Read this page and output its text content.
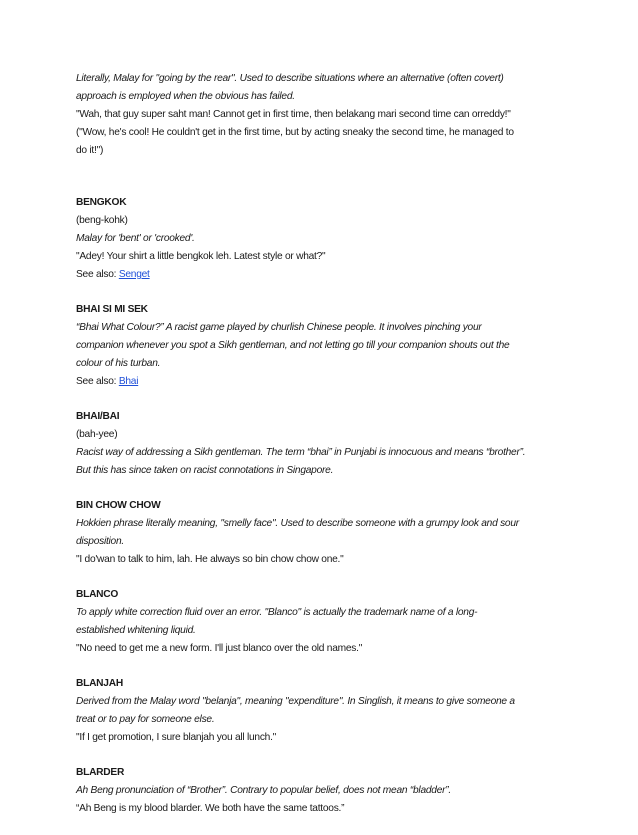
Literally, Malay for "going by the rear". Used to describe situations where an alternative (often covert)
approach is employed when the obvious has failed.
"Wah, that guy super saht man! Cannot get in first time, then belakang mari second time can orreddy!"
("Wow, he's cool! He couldn't get in the first time, but by acting sneaky the second time, he managed to
do it!")
BENGKOK
(beng-kohk)
Malay for 'bent' or 'crooked'.
"Adey! Your shirt a little bengkok leh. Latest style or what?"
See also: Senget
BHAI SI MI SEK
“Bhai What Colour?” A racist game played by churlish Chinese people. It involves pinching your
companion whenever you spot a Sikh gentleman, and not letting go till your companion shouts out the
colour of his turban.
See also: Bhai
BHAI/BAI
(bah-yee)
Racist way of addressing a Sikh gentleman. The term “bhai” in Punjabi is innocuous and means “brother”.
But this has since taken on racist connotations in Singapore.
BIN CHOW CHOW
Hokkien phrase literally meaning, "smelly face". Used to describe someone with a grumpy look and sour
disposition.
"I do'wan to talk to him, lah. He always so bin chow chow one."
BLANCO
To apply white correction fluid over an error. "Blanco" is actually the trademark name of a long-
established whitening liquid.
"No need to get me a new form. I'll just blanco over the old names."
BLANJAH
Derived from the Malay word "belanja", meaning "expenditure". In Singlish, it means to give someone a
treat or to pay for someone else.
"If I get promotion, I sure blanjah you all lunch."
BLARDER
Ah Beng pronunciation of “Brother”. Contrary to popular belief, does not mean “bladder”.
“Ah Beng is my blood blarder. We both have the same tattoos.”
